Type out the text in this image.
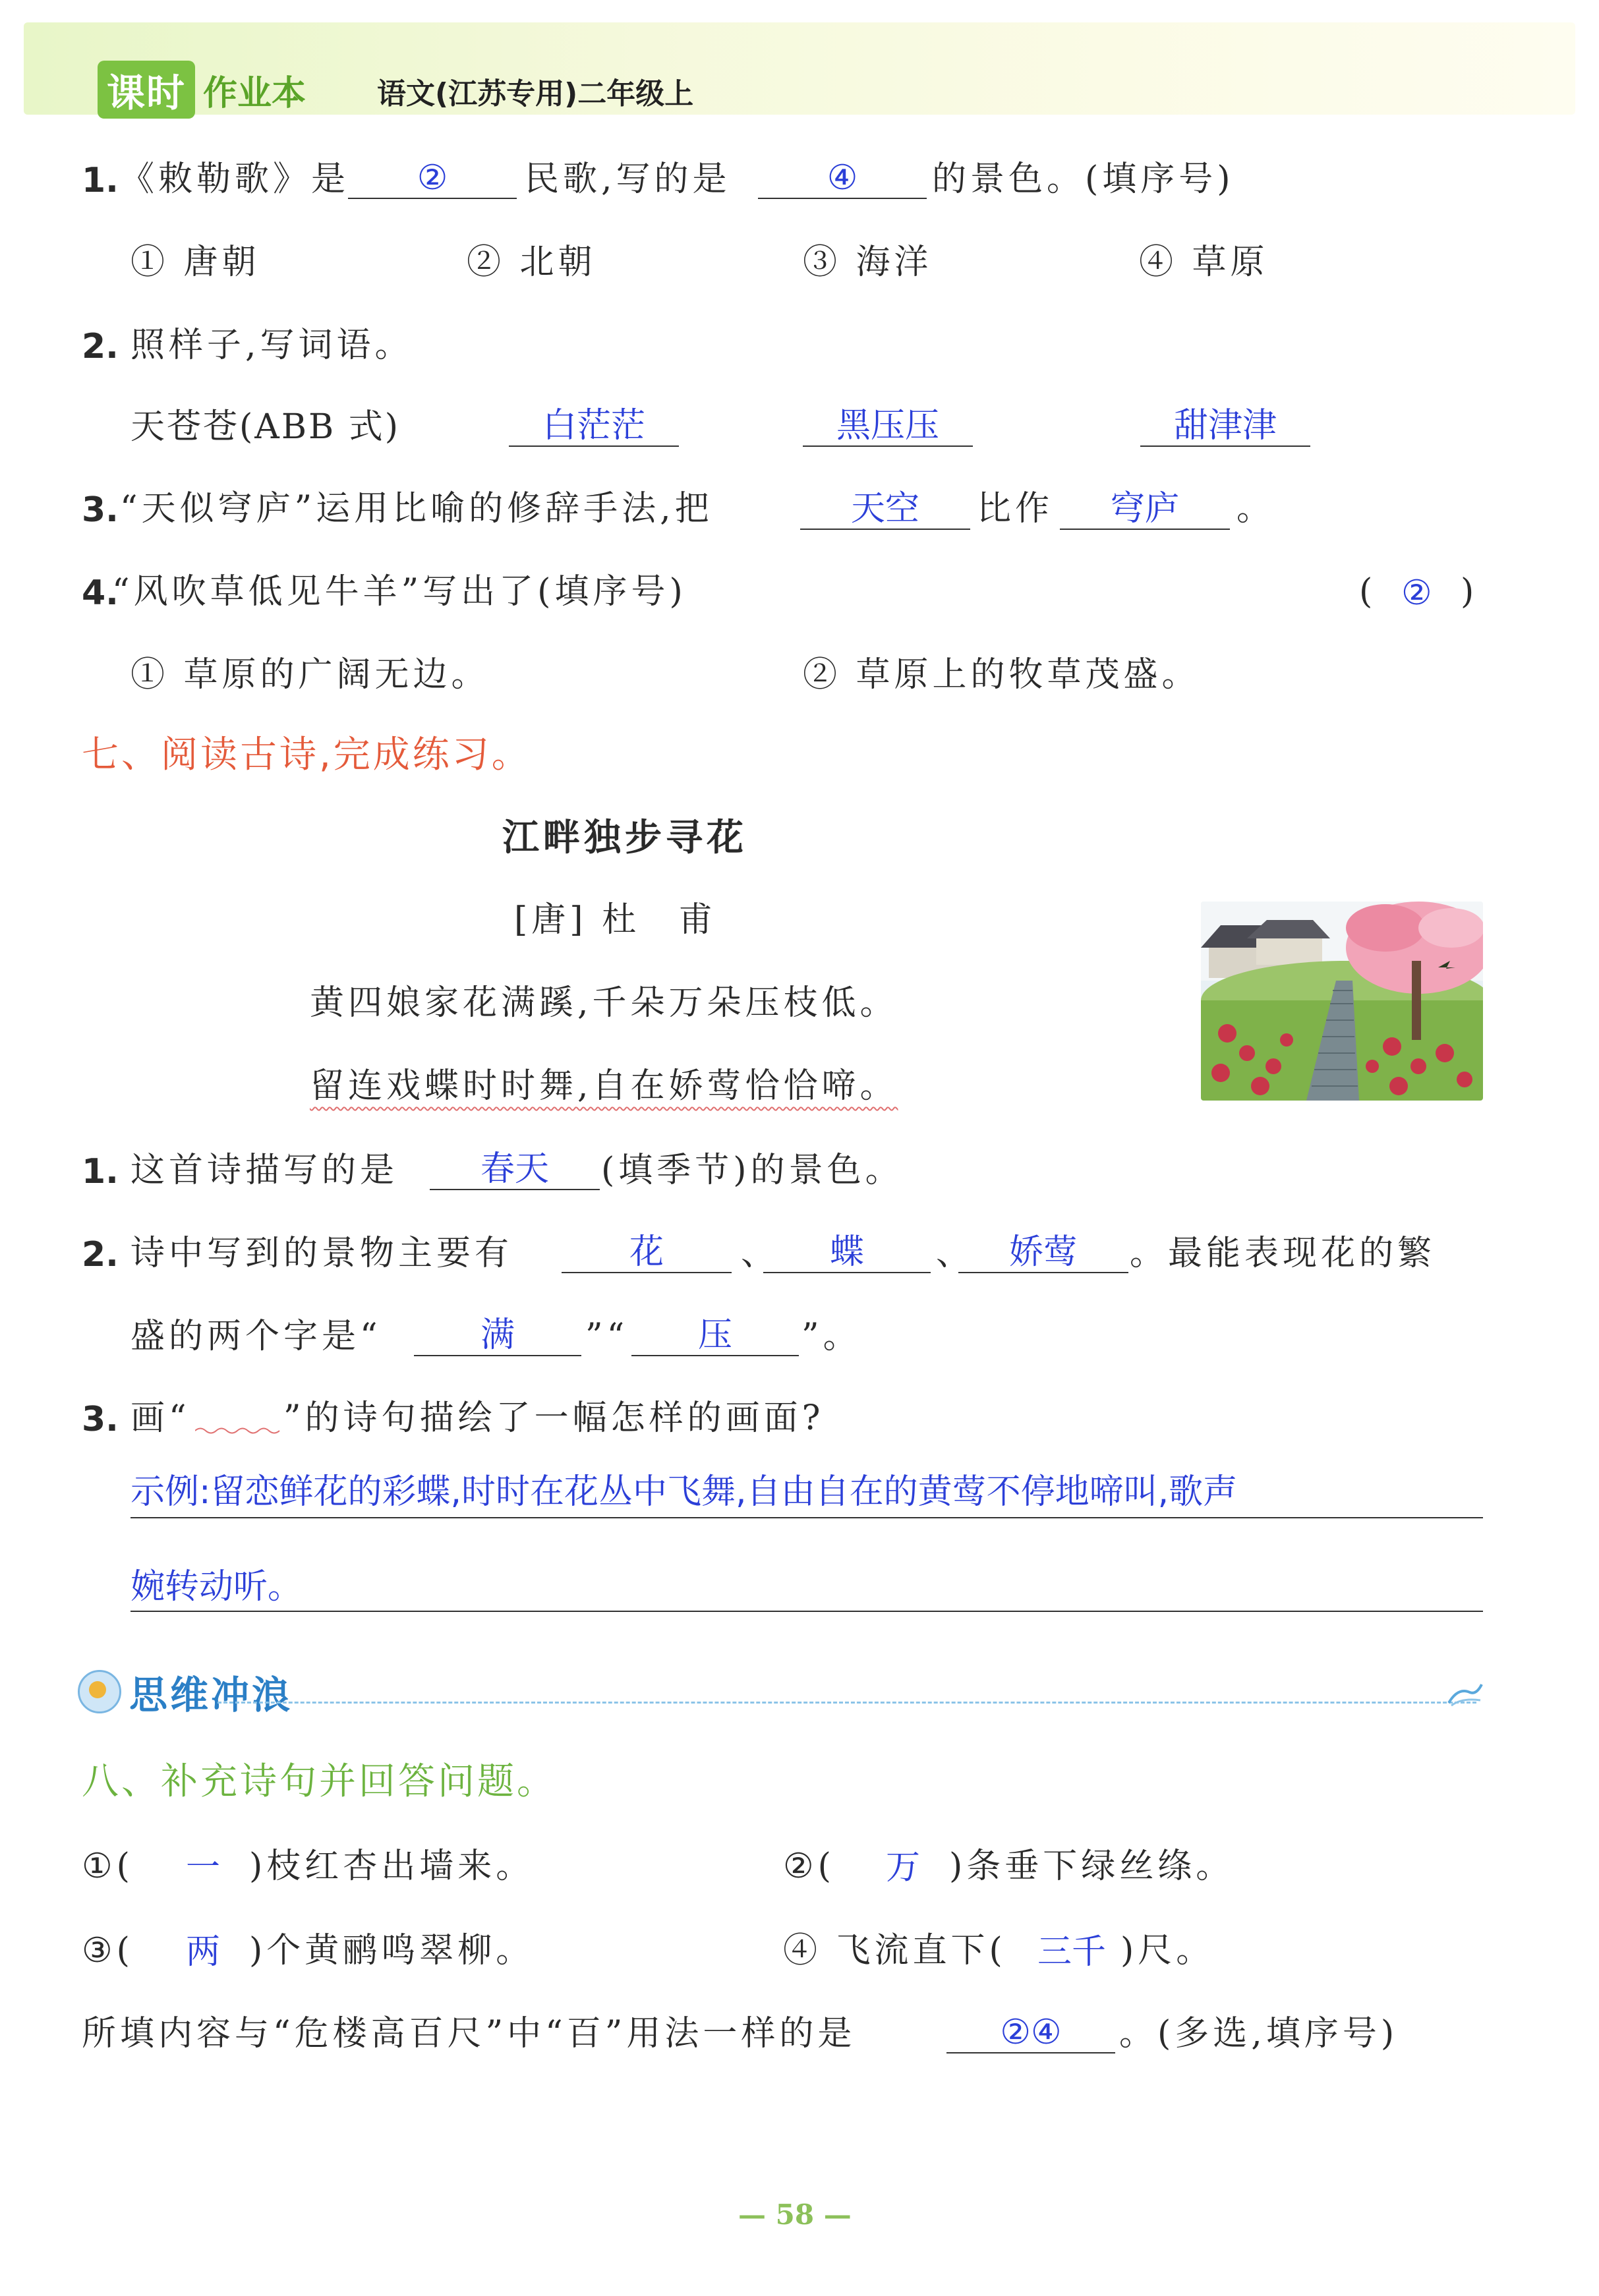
课时 作业本 语文(江苏专用)二年级上
1. 《敕勒歌》是	②	民歌,写的是	④	的景色。(填序号)
① 唐朝	② 北朝	③ 海洋	④ 草原
2. 照样子,写词语。
天苍苍(ABB 式)	白茫茫	黑压压	甜津津
3. “天似穹庐”运用比喻的修辞手法,把	天空	比作	穹庐	。
4.
“风吹草低见牛羊”写出了(填序号)	( ② )
① 草原的广阔无边。	② 草原上的牧草茂盛。
七、阅读古诗,完成练习。
江畔独步寻花
[唐] 杜　甫
黄四娘家花满蹊,千朵万朵压枝低。
留连戏蝶时时舞,自在娇莺恰恰啼。
1. 这首诗描写的是	春天	(填季节)的景色。
2. 诗中写到的景物主要有	花	、	蝶	、	娇莺	。最能表现花的繁
盛的两个字是“	满	”“	压	”。
3. 画“	”的诗句描绘了一幅怎样的画面?
示例:留恋鲜花的彩蝶,时时在花丛中飞舞,自由自在的黄莺不停地啼叫,歌声
婉转动听。
思维冲浪
八、补充诗句并回答问题。
①( 一 )枝红杏出墙来。	②( 万 )条垂下绿丝绦。
③( 两 )个黄鹂鸣翠柳。	④ 飞流直下( 三千 )尺。
所填内容与“危楼高百尺”中“百”用法一样的是	②④	。(多选,填序号)
— 58 —
